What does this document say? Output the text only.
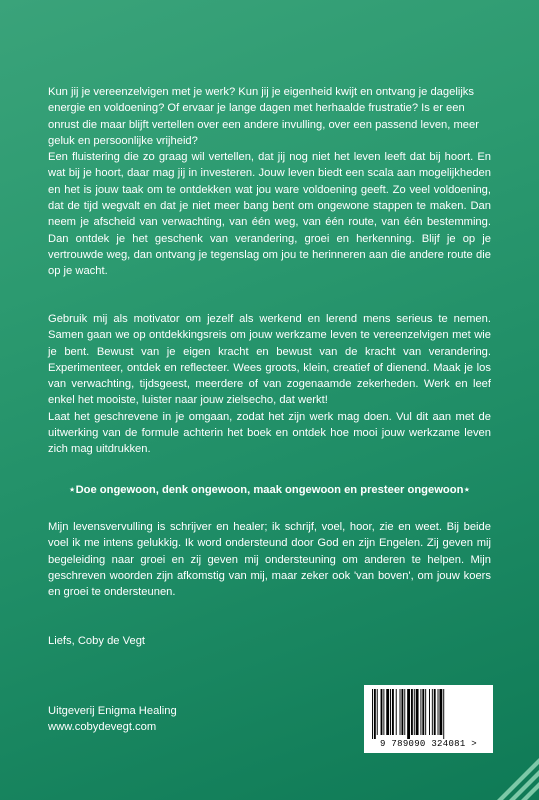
Kun jij je vereenzelvigen met je werk? Kun jij je eigenheid kwijt en ontvang je dagelijks energie en voldoening? Of ervaar je lange dagen met herhaalde frustratie? Is er een onrust die maar blijft vertellen over een andere invulling, over een passend leven, meer geluk en persoonlijke vrijheid?

Een fluistering die zo graag wil vertellen, dat jij nog niet het leven leeft dat bij hoort. En wat bij je hoort, daar mag jij in investeren. Jouw leven biedt een scala aan mogelijkheden en het is jouw taak om te ontdekken wat jou ware voldoening geeft. Zo veel voldoening, dat de tijd wegvalt en dat je niet meer bang bent om ongewone stappen te maken. Dan neem je afscheid van verwachting, van één weg, van één route, van één bestemming. Dan ontdek je het geschenk van verandering, groei en herkenning. Blijf je op je vertrouwde weg, dan ontvang je tegenslag om jou te herinneren aan die andere route die op je wacht.

Gebruik mij als motivator om jezelf als werkend en lerend mens serieus te nemen. Samen gaan we op ontdekkingsreis om jouw werkzame leven te vereenzelvigen met wie je bent. Bewust van je eigen kracht en bewust van de kracht van verandering. Experimenteer, ontdek en reflecteer. Wees groots, klein, creatief of dienend. Maak je los van verwachting, tijdsgeest, meerdere of van zogenaamde zekerheden. Werk en leef enkel het mooiste, luister naar jouw zielsecho, dat werkt!

Laat het geschrevene in je omgaan, zodat het zijn werk mag doen. Vul dit aan met de uitwerking van de formule achterin het boek en ontdek hoe mooi jouw werkzame leven zich mag uitdrukken.

⋆Doe ongewoon, denk ongewoon, maak ongewoon en presteer ongewoon⋆

Mijn levensvervulling is schrijver en healer; ik schrijf, voel, hoor, zie en weet. Bij beide voel ik me intens gelukkig. Ik word ondersteund door God en zijn Engelen. Zij geven mij begeleiding naar groei en zij geven mij ondersteuning om anderen te helpen. Mijn geschreven woorden zijn afkomstig van mij, maar zeker ook 'van boven', om jouw koers en groei te ondersteunen.

Liefs, Coby de Vegt

Uitgeverij Enigma Healing

www.cobydevegt.com

9 789090 324081 >
